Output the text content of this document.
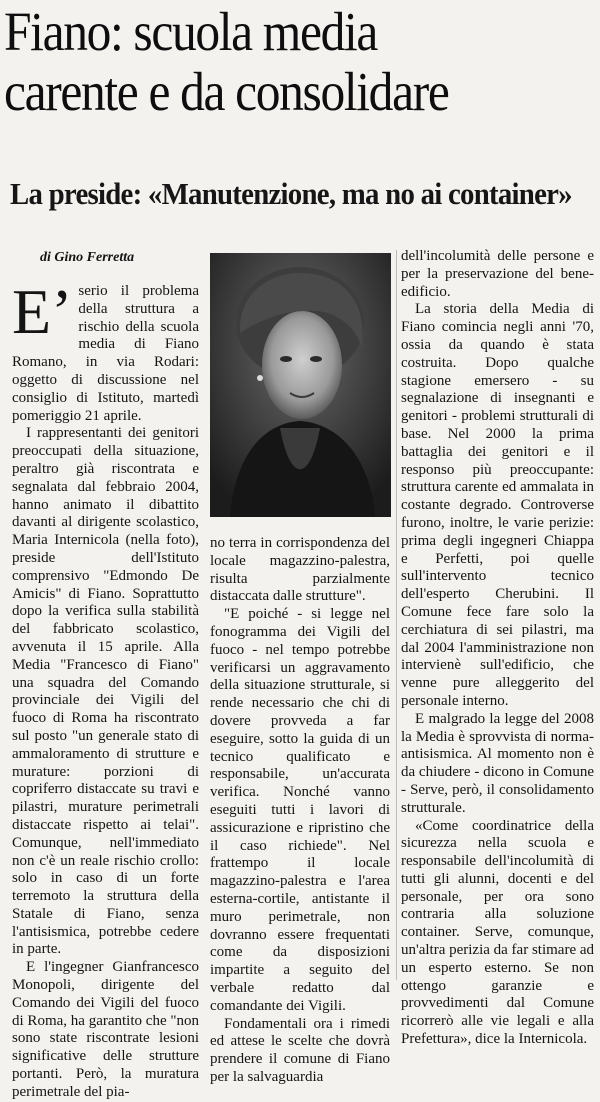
Fiano: scuola media
carente e da consolidare
La preside: «Manutenzione, ma no ai container»

di Gino Ferretta

E’ serio il problema della struttura a rischio della scuola media di Fiano Romano, in via Rodari: oggetto di discussione nel consiglio di Istituto, martedì pomeriggio 21 aprile.

I rappresentanti dei genitori preoccupati della situazione, peraltro già riscontrata e segnalata dal febbraio 2004, hanno animato il dibattito davanti al dirigente scolastico, Maria Internicola (nella foto), preside dell'Istituto comprensivo "Edmondo De Amicis" di Fiano. Soprattutto dopo la verifica sulla stabilità del fabbricato scolastico, avvenuta il 15 aprile. Alla Media "Francesco di Fiano" una squadra del Comando provinciale dei Vigili del fuoco di Roma ha riscontrato sul posto "un generale stato di ammaloramento di strutture e murature: porzioni di copriferro distaccate su travi e pilastri, murature perimetrali distaccate rispetto ai telai". Comunque, nell'immediato non c'è un reale rischio crollo: solo in caso di un forte terremoto la struttura della Statale di Fiano, senza l'antisismica, potrebbe cedere in parte.

E l'ingegner Gianfrancesco Monopoli, dirigente del Comando dei Vigili del fuoco di Roma, ha garantito che "non sono state riscontrate lesioni significative delle strutture portanti. Però, la muratura perimetrale del pia-

no terra in corrispondenza del locale magazzino-palestra, risulta parzialmente distaccata dalle strutture".

"E poiché - si legge nel fonogramma dei Vigili del fuoco - nel tempo potrebbe verificarsi un aggravamento della situazione strutturale, si rende necessario che chi di dovere provveda a far eseguire, sotto la guida di un tecnico qualificato e responsabile, un'accurata verifica. Nonché vanno eseguiti tutti i lavori di assicurazione e ripristino che il caso richiede". Nel frattempo il locale magazzino-palestra e l'area esterna-cortile, antistante il muro perimetrale, non dovranno essere frequentati come da disposizioni impartite a seguito del verbale redatto dal comandante dei Vigili.

Fondamentali ora i rimedi ed attese le scelte che dovrà prendere il comune di Fiano per la salvaguardia

dell'incolumità delle persone e per la preservazione del bene-edificio.

La storia della Media di Fiano comincia negli anni '70, ossia da quando è stata costruita. Dopo qualche stagione emersero - su segnalazione di insegnanti e genitori - problemi strutturali di base. Nel 2000 la prima battaglia dei genitori e il responso più preoccupante: struttura carente ed ammalata in costante degrado. Controverse furono, inoltre, le varie perizie: prima degli ingegneri Chiappa e Perfetti, poi quelle sull'intervento tecnico dell'esperto Cherubini. Il Comune fece fare solo la cerchiatura di sei pilastri, ma dal 2004 l'amministrazione non intervienè sull'edificio, che venne pure alleggerito del personale interno.

E malgrado la legge del 2008 la Media è sprovvista di norma-antisismica. Al momento non è da chiudere - dicono in Comune - Serve, però, il consolidamento strutturale.

«Come coordinatrice della sicurezza nella scuola e responsabile dell'incolumità di tutti gli alunni, docenti e del personale, per ora sono contraria alla soluzione container. Serve, comunque, un'altra perizia da far stimare ad un esperto esterno. Se non ottengo garanzie e provvedimenti dal Comune ricorrerò alle vie legali e alla Prefettura», dice la Internicola.
